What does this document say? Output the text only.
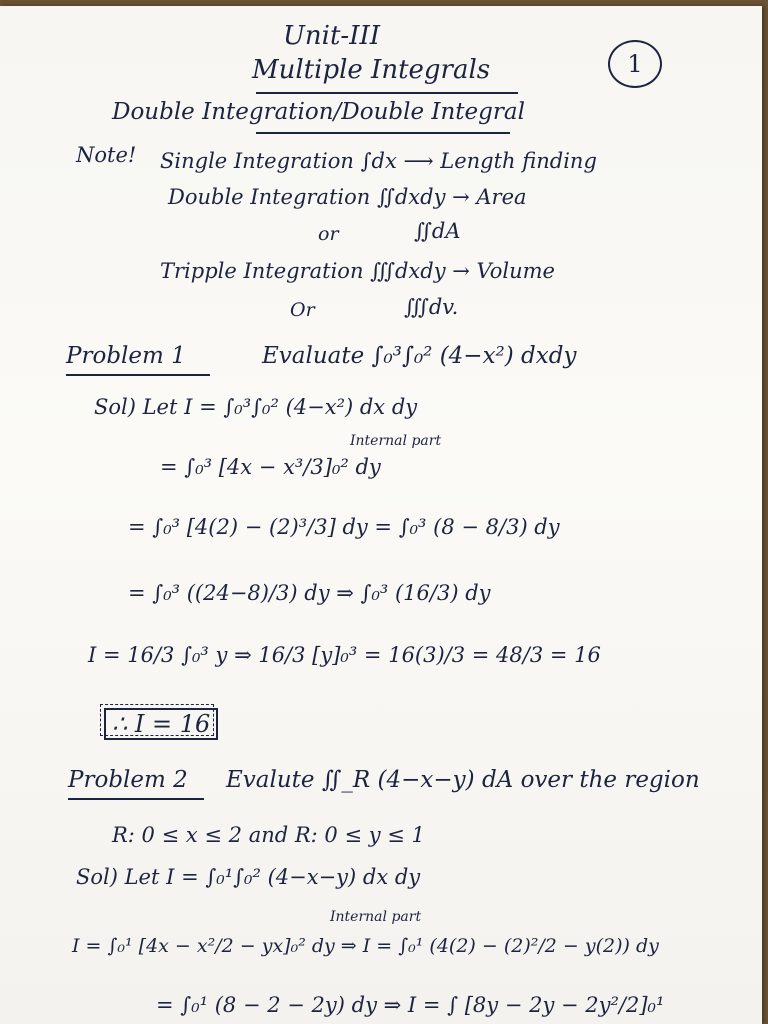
Unit-III
Multiple Integrals	1
Double Integration/Double Integral
Note! Single Integration ∫dx ⟶ Length finding
Double Integration ∬dxdy → Area
or	∬dA
Tripple Integration ∭dxdy → Volume
Or	∭dv.
Problem 1	Evaluate ∫₀³∫₀² (4−x²) dxdy
Sol) Let I = ∫₀³∫₀² (4−x²) dx dy
Internal part
= ∫₀³ [4x − x³/3]₀² dy
= ∫₀³ [4(2) − (2)³/3] dy = ∫₀³ (8 − 8/3) dy
= ∫₀³ ((24−8)/3) dy ⇒ ∫₀³ (16/3) dy
I = 16/3 ∫₀³ y ⇒ 16/3 [y]₀³ = 16(3)/3 = 48/3 = 16
∴ I = 16
Problem 2 Evalute ∬_R (4−x−y) dA over the region
R: 0 ≤ x ≤ 2 and R: 0 ≤ y ≤ 1
Sol) Let I = ∫₀¹∫₀² (4−x−y) dx dy
Internal part
I = ∫₀¹ [4x − x²/2 − yx]₀² dy ⇒ I = ∫₀¹ (4(2) − (2)²/2 − y(2)) dy
= ∫₀¹ (8 − 2 − 2y) dy ⇒ I = ∫ [8y − 2y − 2y²/2]₀¹
